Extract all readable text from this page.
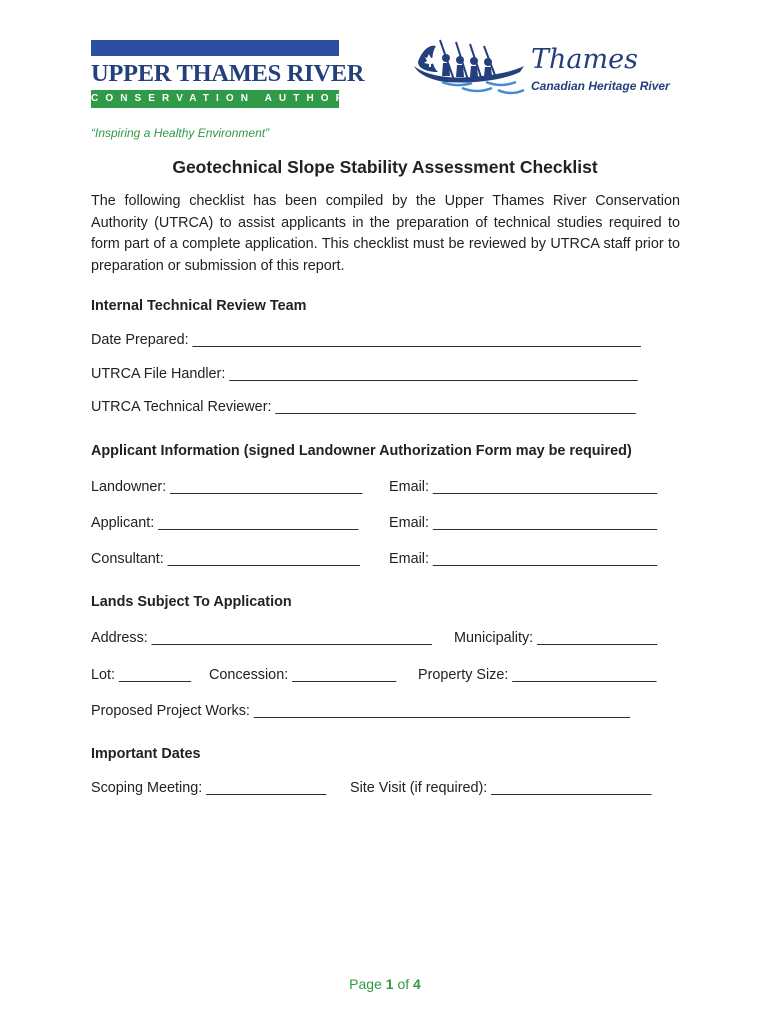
UPPER THAMES RIVER
CONSERVATION AUTHORITY
“Inspiring a Healthy Environment”
Thames
Canadian Heritage River
Geotechnical Slope Stability Assessment Checklist

The following checklist has been compiled by the Upper Thames River Conservation Authority (UTRCA) to assist applicants in the preparation of technical studies required to form part of a complete application. This checklist must be reviewed by UTRCA staff prior to preparation or submission of this report.

Internal Technical Review Team
Date Prepared: ________________________________________________________
UTRCA File Handler: ___________________________________________________
UTRCA Technical Reviewer: _____________________________________________
Applicant Information (signed Landowner Authorization Form may be required)
Landowner: ________________________ Email: ____________________________
Applicant: _________________________ Email: ____________________________
Consultant: ________________________ Email: ____________________________
Lands Subject To Application
Address: ___________________________________ Municipality: _______________
Lot: _________ Concession: _____________ Property Size: __________________
Proposed Project Works: _______________________________________________
Important Dates
Scoping Meeting: _______________ Site Visit (if required): ____________________
Page 1 of 4
